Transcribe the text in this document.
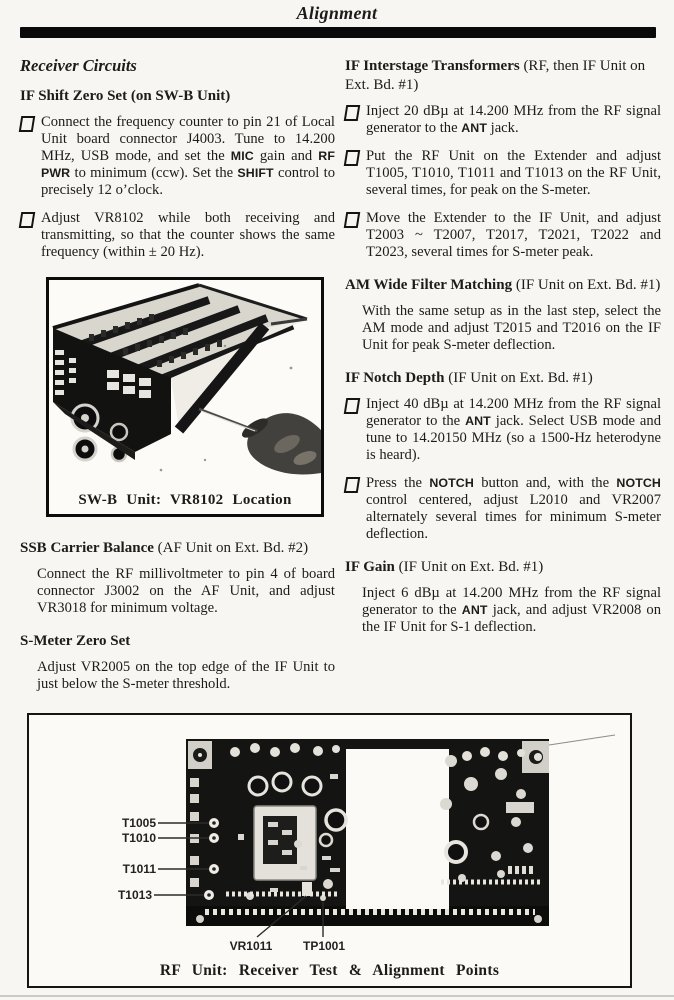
Alignment
Receiver Circuits
IF Shift Zero Set (on SW-B Unit)
Connect the frequency counter to pin 21 of Local Unit board connector J4003. Tune to 14.200 MHz, USB mode, and set the MIC gain and RF PWR to minimum (ccw). Set the SHIFT control to precisely 12 o’clock.
Adjust VR8102 while both receiving and transmitting, so that the counter shows the same frequency (within ± 20 Hz).
SW-B Unit: VR8102 Location
SSB Carrier Balance (AF Unit on Ext. Bd. #2)
Connect the RF millivoltmeter to pin 4 of board connector J3002 on the AF Unit, and adjust VR3018 for minimum voltage.
S-Meter Zero Set
Adjust VR2005 on the top edge of the IF Unit to just below the S-meter threshold.
IF Interstage Transformers (RF, then IF Unit on Ext. Bd. #1)
Inject 20 dBµ at 14.200 MHz from the RF signal generator to the ANT jack.
Put the RF Unit on the Extender and adjust T1005, T1010, T1011 and T1013 on the RF Unit, several times, for peak on the S-meter.
Move the Extender to the IF Unit, and adjust T2003 ~ T2007, T2017, T2021, T2022 and T2023, several times for S-meter peak.
AM Wide Filter Matching (IF Unit on Ext. Bd. #1)
With the same setup as in the last step, select the AM mode and adjust T2015 and T2016 on the IF Unit for peak S-meter deflection.
IF Notch Depth (IF Unit on Ext. Bd. #1)
Inject 40 dBµ at 14.200 MHz from the RF signal generator to the ANT jack. Select USB mode and tune to 14.20150 MHz (so a 1500-Hz heterodyne is heard).
Press the NOTCH button and, with the NOTCH control centered, adjust L2010 and VR2007 alternately several times for minimum S-meter deflection.
IF Gain (IF Unit on Ext. Bd. #1)
Inject 6 dBµ at 14.200 MHz from the RF signal generator to the ANT jack, and adjust VR2008 on the IF Unit for S-1 deflection.
T1005
T1010
T1011
T1013
VR1011	TP1001
RF Unit: Receiver Test & Alignment Points
